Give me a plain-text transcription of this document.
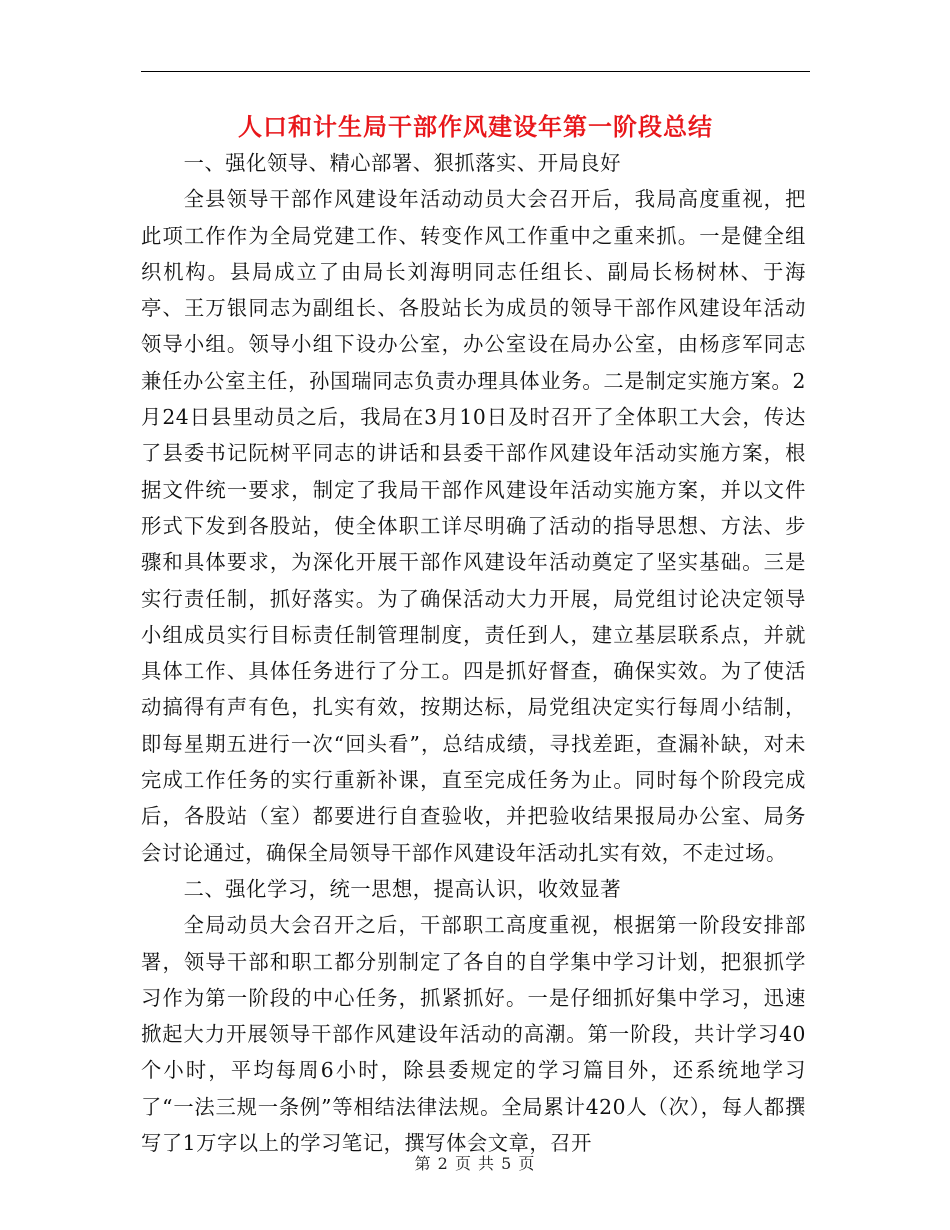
人口和计生局干部作风建设年第一阶段总结

一、强化领导、精心部署、狠抓落实、开局良好

全县领导干部作风建设年活动动员大会召开后，我局高度重视，把此项工作作为全局党建工作、转变作风工作重中之重来抓。一是健全组织机构。县局成立了由局长刘海明同志任组长、副局长杨树林、于海亭、王万银同志为副组长、各股站长为成员的领导干部作风建设年活动领导小组。领导小组下设办公室，办公室设在局办公室，由杨彦军同志兼任办公室主任，孙国瑞同志负责办理具体业务。二是制定实施方案。2月24日县里动员之后，我局在3月10日及时召开了全体职工大会，传达了县委书记阮树平同志的讲话和县委干部作风建设年活动实施方案，根据文件统一要求，制定了我局干部作风建设年活动实施方案，并以文件形式下发到各股站，使全体职工详尽明确了活动的指导思想、方法、步骤和具体要求，为深化开展干部作风建设年活动奠定了坚实基础。三是实行责任制，抓好落实。为了确保活动大力开展，局党组讨论决定领导小组成员实行目标责任制管理制度，责任到人，建立基层联系点，并就具体工作、具体任务进行了分工。四是抓好督查，确保实效。为了使活动搞得有声有色，扎实有效，按期达标，局党组决定实行每周小结制，即每星期五进行一次“回头看”，总结成绩，寻找差距，查漏补缺，对未完成工作任务的实行重新补课，直至完成任务为止。同时每个阶段完成后，各股站（室）都要进行自查验收，并把验收结果报局办公室、局务会讨论通过，确保全局领导干部作风建设年活动扎实有效，不走过场。

二、强化学习，统一思想，提高认识，收效显著

全局动员大会召开之后，干部职工高度重视，根据第一阶段安排部署，领导干部和职工都分别制定了各自的自学集中学习计划，把狠抓学习作为第一阶段的中心任务，抓紧抓好。一是仔细抓好集中学习，迅速掀起大力开展领导干部作风建设年活动的高潮。第一阶段，共计学习40个小时，平均每周6小时，除县委规定的学习篇目外，还系统地学习了“一法三规一条例”等相结法律法规。全局累计420人（次），每人都撰写了1万字以上的学习笔记，撰写体会文章，召开

第 2 页 共 5 页
